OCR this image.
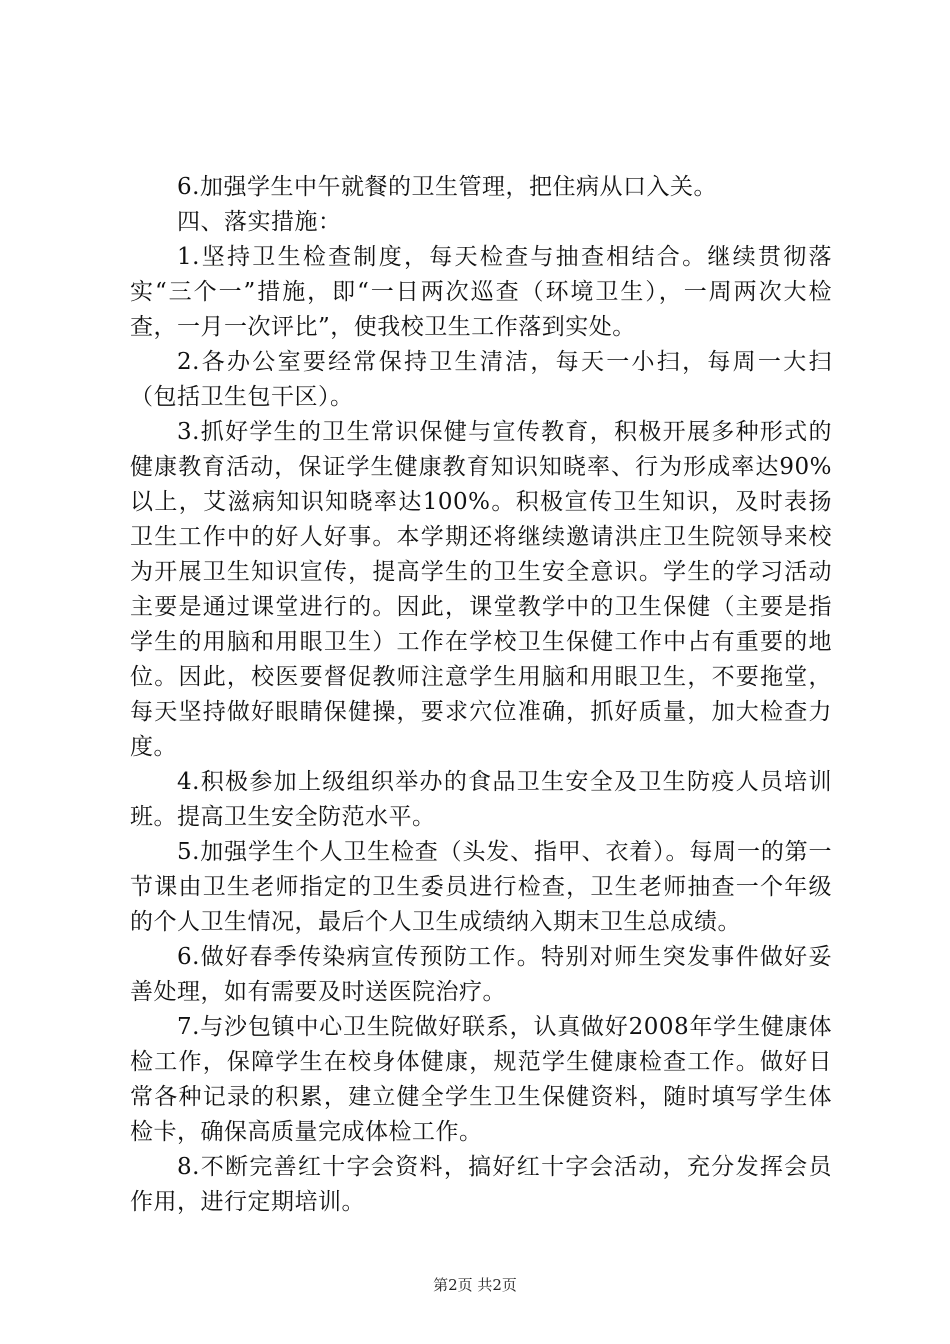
6.加强学生中午就餐的卫生管理，把住病从口入关。

四、落实措施：

1.坚持卫生检查制度，每天检查与抽查相结合。继续贯彻落实“三个一”措施，即“一日两次巡查（环境卫生），一周两次大检查，一月一次评比”，使我校卫生工作落到实处。

2.各办公室要经常保持卫生清洁，每天一小扫，每周一大扫（包括卫生包干区）。

3.抓好学生的卫生常识保健与宣传教育，积极开展多种形式的健康教育活动，保证学生健康教育知识知晓率、行为形成率达90%以上，艾滋病知识知晓率达100%。积极宣传卫生知识，及时表扬卫生工作中的好人好事。本学期还将继续邀请洪庄卫生院领导来校为开展卫生知识宣传，提高学生的卫生安全意识。学生的学习活动主要是通过课堂进行的。因此，课堂教学中的卫生保健（主要是指学生的用脑和用眼卫生）工作在学校卫生保健工作中占有重要的地位。因此，校医要督促教师注意学生用脑和用眼卫生，不要拖堂，每天坚持做好眼睛保健操，要求穴位准确，抓好质量，加大检查力度。

4.积极参加上级组织举办的食品卫生安全及卫生防疫人员培训班。提高卫生安全防范水平。

5.加强学生个人卫生检查（头发、指甲、衣着）。每周一的第一节课由卫生老师指定的卫生委员进行检查，卫生老师抽查一个年级的个人卫生情况，最后个人卫生成绩纳入期末卫生总成绩。

6.做好春季传染病宣传预防工作。特别对师生突发事件做好妥善处理，如有需要及时送医院治疗。

7.与沙包镇中心卫生院做好联系，认真做好2008年学生健康体检工作，保障学生在校身体健康，规范学生健康检查工作。做好日常各种记录的积累，建立健全学生卫生保健资料，随时填写学生体检卡，确保高质量完成体检工作。

8.不断完善红十字会资料，搞好红十字会活动，充分发挥会员作用，进行定期培训。

第2页 共2页
